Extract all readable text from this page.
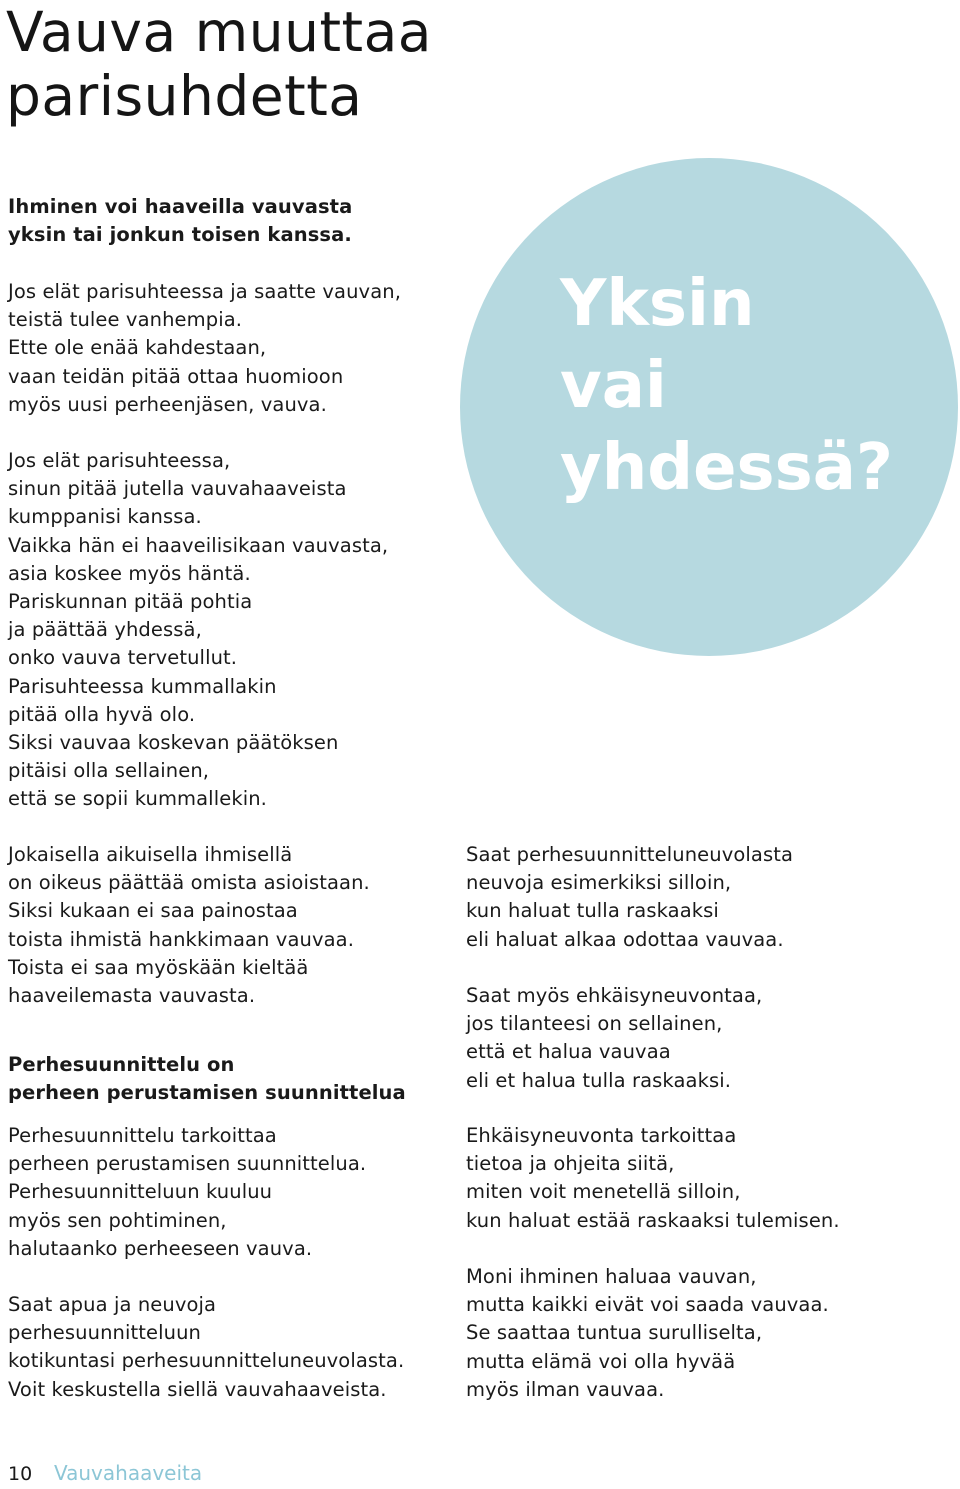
Vauva muuttaa
parisuhdetta
Yksin
vai
yhdessä?

Ihminen voi haaveilla vauvasta
yksin tai jonkun toisen kanssa.

Jos elät parisuhteessa ja saatte vauvan,
teistä tulee vanhempia.
Ette ole enää kahdestaan,
vaan teidän pitää ottaa huomioon
myös uusi perheenjäsen, vauva.

Jos elät parisuhteessa,
sinun pitää jutella vauvahaaveista
kumppanisi kanssa.
Vaikka hän ei haaveilisikaan vauvasta,
asia koskee myös häntä.
Pariskunnan pitää pohtia
ja päättää yhdessä,
onko vauva tervetullut.
Parisuhteessa kummallakin
pitää olla hyvä olo.
Siksi vauvaa koskevan päätöksen
pitäisi olla sellainen,
että se sopii kummallekin.

Jokaisella aikuisella ihmisellä
on oikeus päättää omista asioistaan.
Siksi kukaan ei saa painostaa
toista ihmistä hankkimaan vauvaa.
Toista ei saa myöskään kieltää
haaveilemasta vauvasta.

Perhesuunnittelu on
perheen perustamisen suunnittelua

Perhesuunnittelu tarkoittaa
perheen perustamisen suunnittelua.
Perhesuunnitteluun kuuluu
myös sen pohtiminen,
halutaanko perheeseen vauva.

Saat apua ja neuvoja
perhesuunnitteluun
kotikuntasi perhesuunnitteluneuvolasta.
Voit keskustella siellä vauvahaaveista.

Saat perhesuunnitteluneuvolasta
neuvoja esimerkiksi silloin,
kun haluat tulla raskaaksi
eli haluat alkaa odottaa vauvaa.

Saat myös ehkäisyneuvontaa,
jos tilanteesi on sellainen,
että et halua vauvaa
eli et halua tulla raskaaksi.

Ehkäisyneuvonta tarkoittaa
tietoa ja ohjeita siitä,
miten voit menetellä silloin,
kun haluat estää raskaaksi tulemisen.

Moni ihminen haluaa vauvan,
mutta kaikki eivät voi saada vauvaa.
Se saattaa tuntua surulliselta,
mutta elämä voi olla hyvää
myös ilman vauvaa.

10 Vauvahaaveita
